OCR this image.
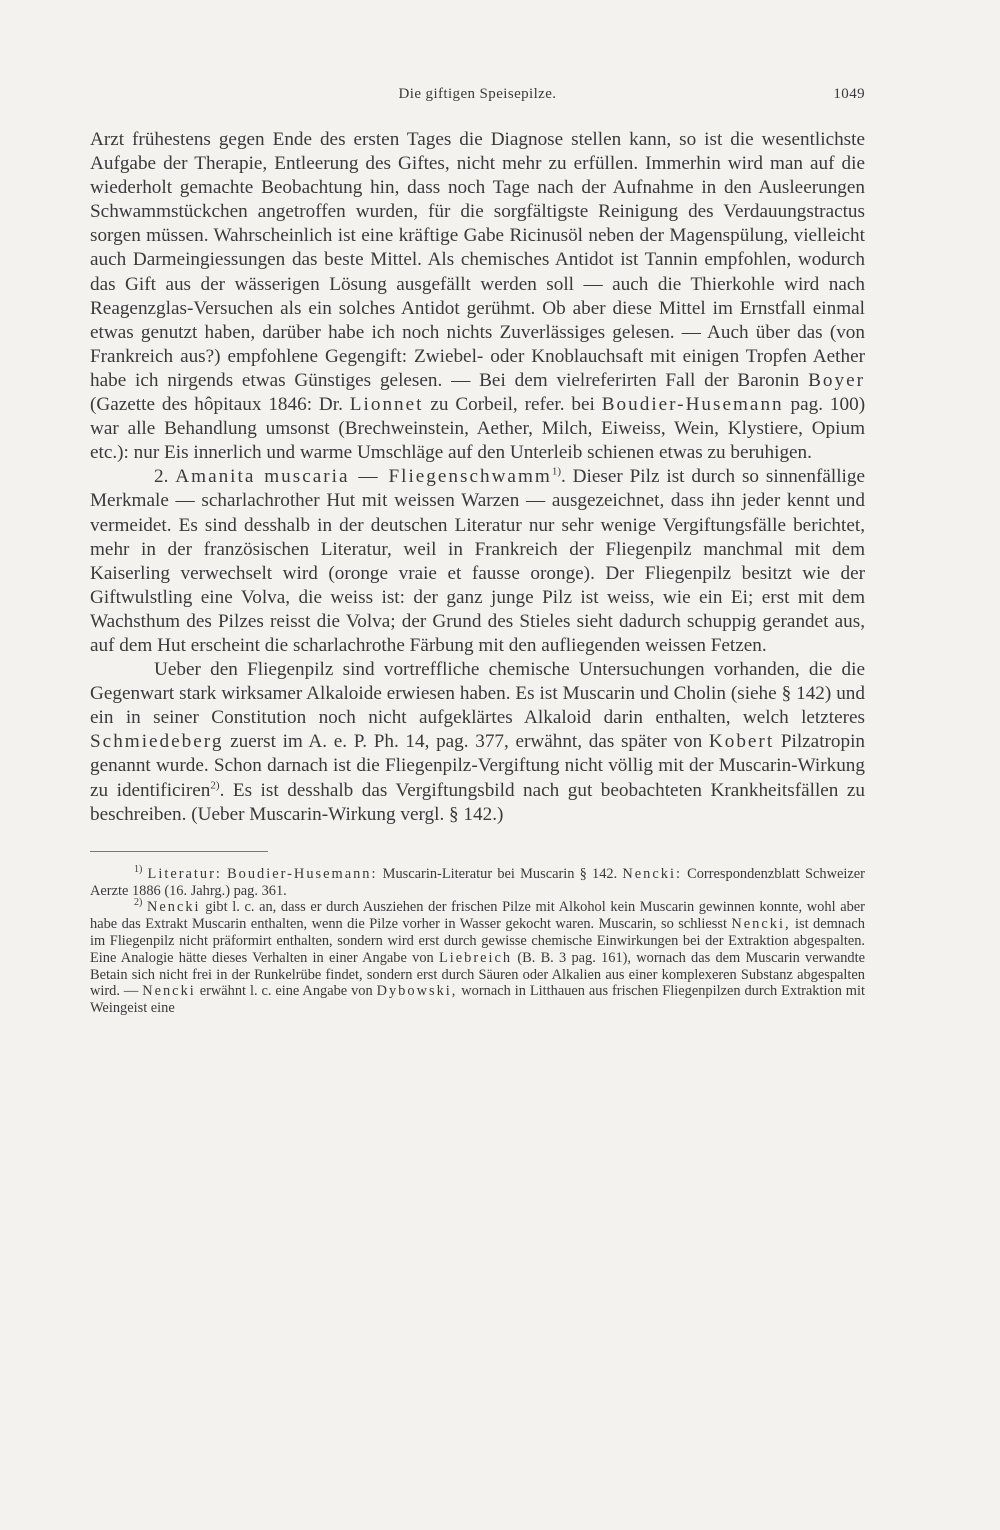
Die giftigen Speisepilze.	1049

Arzt frühestens gegen Ende des ersten Tages die Diagnose stellen kann, so ist die wesentlichste Aufgabe der Therapie, Entleerung des Giftes, nicht mehr zu erfüllen. Immerhin wird man auf die wiederholt gemachte Beobachtung hin, dass noch Tage nach der Aufnahme in den Ausleerungen Schwammstückchen angetroffen wurden, für die sorgfältigste Reinigung des Verdauungstractus sorgen müssen. Wahrscheinlich ist eine kräftige Gabe Ricinusöl neben der Magenspülung, vielleicht auch Darmeingiessungen das beste Mittel. Als chemisches Antidot ist Tannin empfohlen, wodurch das Gift aus der wässerigen Lösung ausgefällt werden soll — auch die Thierkohle wird nach Reagenzglas-Versuchen als ein solches Antidot gerühmt. Ob aber diese Mittel im Ernstfall einmal etwas genutzt haben, darüber habe ich noch nichts Zuverlässiges gelesen. — Auch über das (von Frankreich aus?) empfohlene Gegengift: Zwiebel- oder Knoblauchsaft mit einigen Tropfen Aether habe ich nirgends etwas Günstiges gelesen. — Bei dem vielreferirten Fall der Baronin Boyer (Gazette des hôpitaux 1846: Dr. Lionnet zu Corbeil, refer. bei Boudier-Husemann pag. 100) war alle Behandlung umsonst (Brechweinstein, Aether, Milch, Eiweiss, Wein, Klystiere, Opium etc.): nur Eis innerlich und warme Umschläge auf den Unterleib schienen etwas zu beruhigen.

2. Amanita muscaria — Fliegenschwamm$^{1)}$. Dieser Pilz ist durch so sinnenfällige Merkmale — scharlachrother Hut mit weissen Warzen — ausgezeichnet, dass ihn jeder kennt und vermeidet. Es sind desshalb in der deutschen Literatur nur sehr wenige Vergiftungsfälle berichtet, mehr in der französischen Literatur, weil in Frankreich der Fliegenpilz manchmal mit dem Kaiserling verwechselt wird (oronge vraie et fausse oronge). Der Fliegenpilz besitzt wie der Giftwulstling eine Volva, die weiss ist: der ganz junge Pilz ist weiss, wie ein Ei; erst mit dem Wachsthum des Pilzes reisst die Volva; der Grund des Stieles sieht dadurch schuppig gerandet aus, auf dem Hut erscheint die scharlachrothe Färbung mit den aufliegenden weissen Fetzen.

Ueber den Fliegenpilz sind vortreffliche chemische Untersuchungen vorhanden, die die Gegenwart stark wirksamer Alkaloide erwiesen haben. Es ist Muscarin und Cholin (siehe § 142) und ein in seiner Constitution noch nicht aufgeklärtes Alkaloid darin enthalten, welch letzteres Schmiedeberg zuerst im A. e. P. Ph. 14, pag. 377, erwähnt, das später von Kobert Pilzatropin genannt wurde. Schon darnach ist die Fliegenpilz-Vergiftung nicht völlig mit der Muscarin-Wirkung zu identificiren$^{2)}$. Es ist desshalb das Vergiftungsbild nach gut beobachteten Krankheitsfällen zu beschreiben. (Ueber Muscarin-Wirkung vergl. § 142.)

$^{1)}$ Literatur: Boudier-Husemann: Muscarin-Literatur bei Muscarin § 142. Nencki: Correspondenzblatt Schweizer Aerzte 1886 (16. Jahrg.) pag. 361.

$^{2)}$ Nencki gibt l. c. an, dass er durch Ausziehen der frischen Pilze mit Alkohol kein Muscarin gewinnen konnte, wohl aber habe das Extrakt Muscarin enthalten, wenn die Pilze vorher in Wasser gekocht waren. Muscarin, so schliesst Nencki, ist demnach im Fliegenpilz nicht präformirt enthalten, sondern wird erst durch gewisse chemische Einwirkungen bei der Extraktion abgespalten. Eine Analogie hätte dieses Verhalten in einer Angabe von Liebreich (B. B. 3 pag. 161), wornach das dem Muscarin verwandte Betain sich nicht frei in der Runkelrübe findet, sondern erst durch Säuren oder Alkalien aus einer komplexeren Substanz abgespalten wird. — Nencki erwähnt l. c. eine Angabe von Dybowski, wornach in Litthauen aus frischen Fliegenpilzen durch Extraktion mit Weingeist eine
